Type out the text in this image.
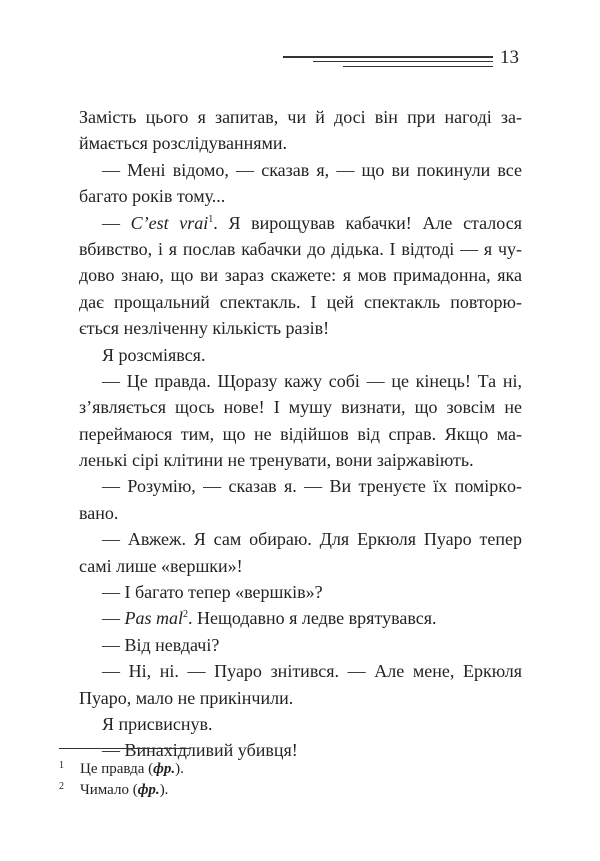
13
Замість цього я запитав, чи й досі він при нагоді за-
ймається розслідуваннями.
— Мені відомо, — сказав я, — що ви покинули все
багато років тому...
— C’est vrai$^1$. Я вирощував кабачки! Але сталося
вбивство, і я послав кабачки до дідька. І відтоді — я чу-
дово знаю, що ви зараз скажете: я мов примадонна, яка
дає прощальний спектакль. І цей спектакль повторю-
ється незліченну кількість разів!
Я розсміявся.
— Це правда. Щоразу кажу собі — це кінець! Та ні,
з’являється щось нове! І мушу визнати, що зовсім не
переймаюся тим, що не відійшов від справ. Якщо ма-
ленькі сірі клітини не тренувати, вони заіржавіють.
— Розумію, — сказав я. — Ви тренуєте їх поміркo-
вано.
— Авжеж. Я сам обираю. Для Еркюля Пуаро тепер
самі лише «вершки»!
— І багато тепер «вершків»?
— Pas mal$^2$. Нещодавно я ледве врятувався.
— Від невдачі?
— Ні, ні. — Пуаро знітився. — Але мене, Еркюля
Пуаро, мало не прикінчили.
Я присвиснув.
— Винахідливий убивця!
1 Це правда (фр.).
2 Чимало (фр.).
